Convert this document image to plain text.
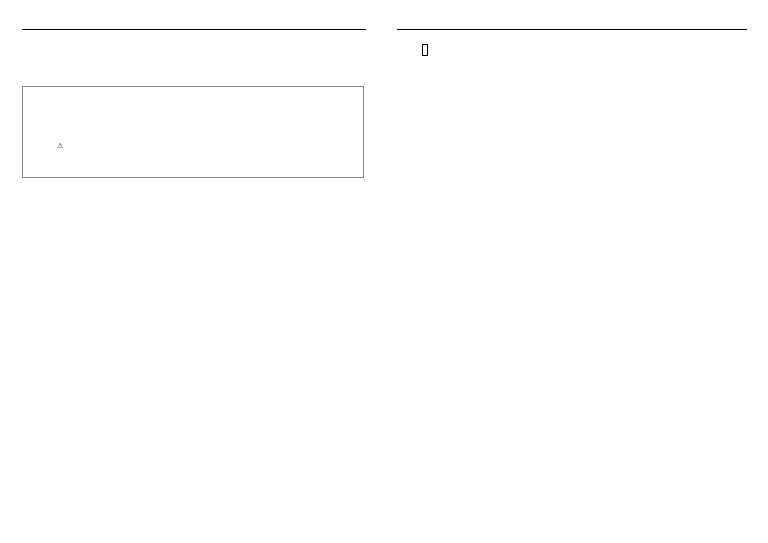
⚠
